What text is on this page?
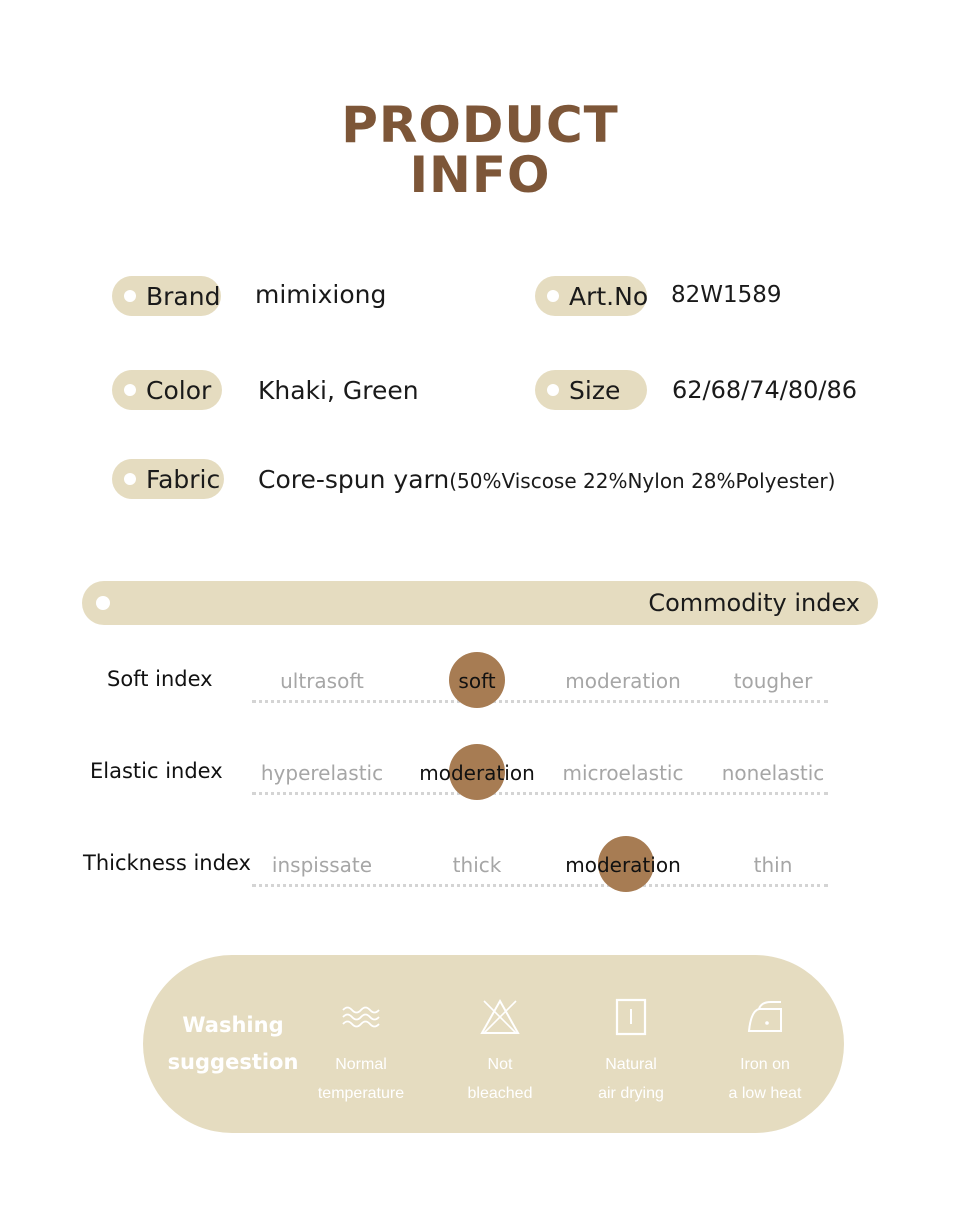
PRODUCT
INFO
Brand mimixiong	Art.No 82W1589
Color Khaki, Green	Size 62/68/74/80/86
Fabric Core-spun yarn(50%Viscose 22%Nylon 28%Polyester)
Commodity index
Soft index	ultrasoft	soft	moderation	tougher
Elastic index	hyperelastic	moderation	microelastic	nonelastic
Thickness index	inspissate	thick	moderation	thin
Washing
suggestion	Normal
temperature
Not
bleached
Natural
air drying
Iron on
a low heat
